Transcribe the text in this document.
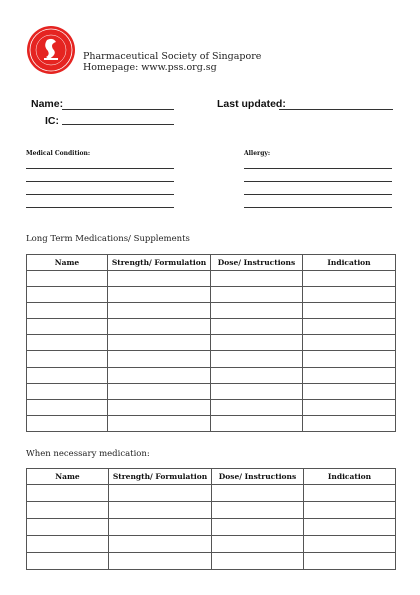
Pharmaceutical Society of Singapore
Homepage: www.pss.org.sg
Name:	Last updated:
IC:
Medical Condition:	Allergy:
Long Term Medications/ Supplements
Name	Strength/ Formulation	Dose/ Instructions	Indication

When necessary medication:
Name	Strength/ Formulation	Dose/ Instructions	Indication
